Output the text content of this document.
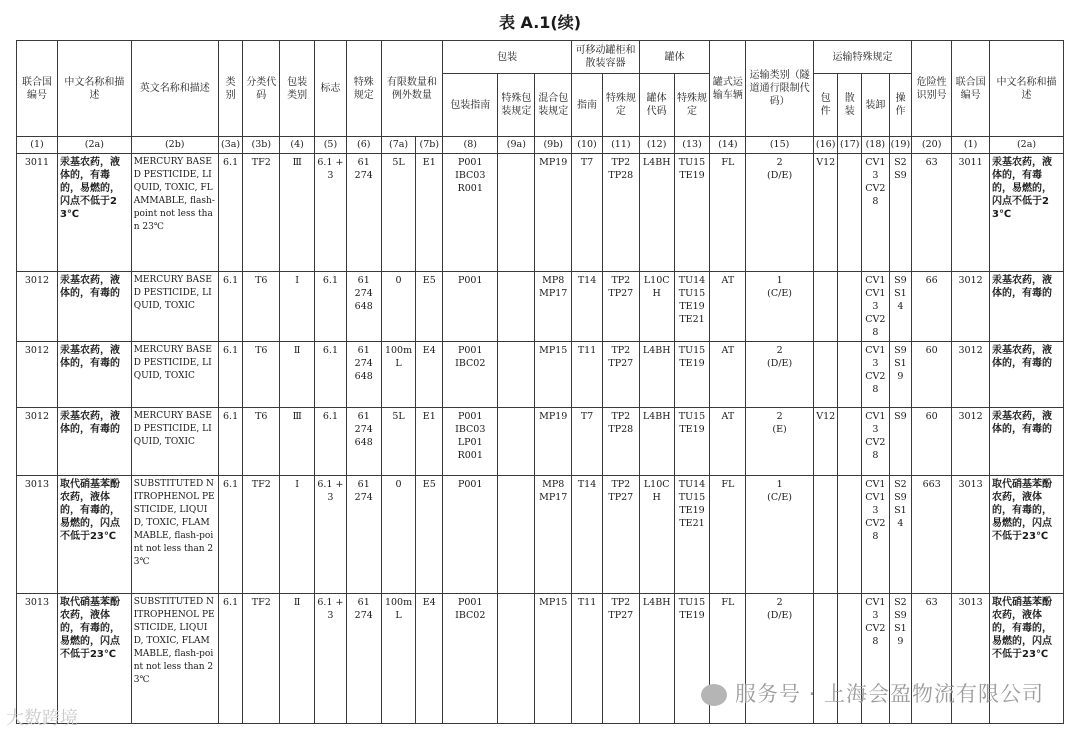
表 A.1(续)
联合国编号	中文名称和描述	英文名称和描述	类别	分类代码	包装类别	标志	特殊规定	有限数量和例外数量		包装			可移动罐柜和散装容器		罐体		罐式运输车辆	运输类别（隧道通行限制代码）	运输特殊规定				危险性识别号	联合国编号	中文名称和描述
										包装指南	特殊包装规定	混合包装规定	指南	特殊规定	罐体代码	特殊规定			包件	散装	装卸	操作			
(1)	(2a)	(2b)	(3a)	(3b)	(4)	(5)	(6)	(7a)	(7b)	(8)	(9a)	(9b)	(10)	(11)	(12)	(13)	(14)	(15)	(16)	(17)	(18)	(19)	(20)	(1)	(2a)
3011	汞基农药，液体的，有毒的，易燃的，闪点不低于23℃	MERCURY BASED PESTICIDE, LIQUID, TOXIC, FLAMMABLE, flash-point not less than 23℃	6.1	TF2	Ⅲ	6.1 +
3	61
274	5L	E1	P001
IBC03
R001		MP19	T7	TP2
TP28	L4BH	TU15
TE19	FL	2
(D/E)	V12		CV13
CV28	S2
S9	63	3011	汞基农药，液体的，有毒的，易燃的，闪点不低于23℃
3012	汞基农药，液体的，有毒的	MERCURY BASED PESTICIDE, LIQUID, TOXIC	6.1	T6	Ⅰ	6.1	61
274
648	0	E5	P001		MP8
MP17	T14	TP2
TP27	L10CH	TU14
TU15
TE19
TE21	AT	1
(C/E)			CV1
CV13
CV28	S9
S14	66	3012	汞基农药，液体的，有毒的
3012	汞基农药，液体的，有毒的	MERCURY BASED PESTICIDE, LIQUID, TOXIC	6.1	T6	Ⅱ	6.1	61
274
648	100mL	E4	P001
IBC02		MP15	T11	TP2
TP27	L4BH	TU15
TE19	AT	2
(D/E)			CV13
CV28	S9
S19	60	3012	汞基农药，液体的，有毒的
3012	汞基农药，液体的，有毒的	MERCURY BASED PESTICIDE, LIQUID, TOXIC	6.1	T6	Ⅲ	6.1	61
274
648	5L	E1	P001
IBC03
LP01
R001		MP19	T7	TP2
TP28	L4BH	TU15
TE19	AT	2
(E)	V12		CV13
CV28	S9	60	3012	汞基农药，液体的，有毒的
3013	取代硝基苯酚农药，液体的，有毒的，易燃的，闪点不低于23℃	SUBSTITUTED NITROPHENOL PESTICIDE, LIQUID, TOXIC, FLAMMABLE, flash-point not less than 23℃	6.1	TF2	Ⅰ	6.1 +
3	61
274	0	E5	P001		MP8
MP17	T14	TP2
TP27	L10CH	TU14
TU15
TE19
TE21	FL	1
(C/E)			CV1
CV13
CV28	S2
S9
S14	663	3013	取代硝基苯酚农药，液体的，有毒的，易燃的，闪点不低于23℃
3013	取代硝基苯酚农药，液体的，有毒的，易燃的，闪点不低于23℃	SUBSTITUTED NITROPHENOL PESTICIDE, LIQUID, TOXIC, FLAMMABLE, flash-point not less than 23℃	6.1	TF2	Ⅱ	6.1 +
3	61
274	100mL	E4	P001
IBC02		MP15	T11	TP2
TP27	L4BH	TU15
TE19	FL	2
(D/E)			CV13
CV28	S2
S9
S19	63	3013	取代硝基苯酚农药，液体的，有毒的，易燃的，闪点不低于23℃
服务号 · 上海会盈物流有限公司
大数跨境
